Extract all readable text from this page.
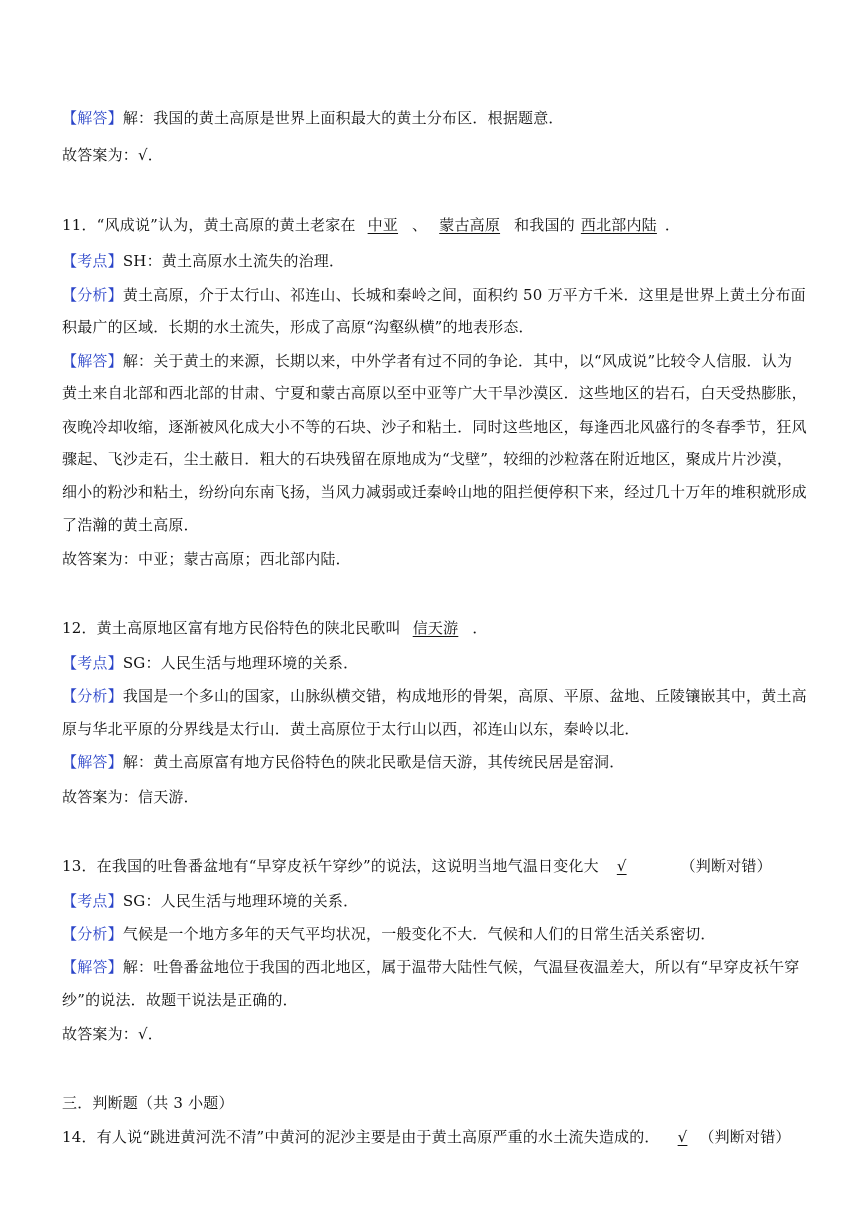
【解答】解：我国的黄土高原是世界上面积最大的黄土分布区．根据题意．
故答案为：√．
11．“风成说”认为，黄土高原的黄土老家在 中亚 、 蒙古高原 和我国的 西北部内陆 ．
【考点】SH：黄土高原水土流失的治理．
【分析】黄土高原，介于太行山、祁连山、长城和秦岭之间，面积约 50 万平方千米．这里是世界上黄土分布面
积最广的区域．长期的水土流失，形成了高原“沟壑纵横”的地表形态．
【解答】解：关于黄土的来源，长期以来，中外学者有过不同的争论．其中，以“风成说”比较令人信服．认为
黄土来自北部和西北部的甘肃、宁夏和蒙古高原以至中亚等广大干旱沙漠区．这些地区的岩石，白天受热膨胀，
夜晚冷却收缩，逐渐被风化成大小不等的石块、沙子和粘土．同时这些地区，每逢西北风盛行的冬春季节，狂风
骤起、飞沙走石，尘土蔽日．粗大的石块残留在原地成为“戈壁”，较细的沙粒落在附近地区，聚成片片沙漠，
细小的粉沙和粘土，纷纷向东南飞扬，当风力减弱或迁秦岭山地的阻拦便停积下来，经过几十万年的堆积就形成
了浩瀚的黄土高原．
故答案为：中亚；蒙古高原；西北部内陆．
12．黄土高原地区富有地方民俗特色的陕北民歌叫 信天游 ．
【考点】SG：人民生活与地理环境的关系．
【分析】我国是一个多山的国家，山脉纵横交错，构成地形的骨架，高原、平原、盆地、丘陵镶嵌其中，黄土高
原与华北平原的分界线是太行山．黄土高原位于太行山以西，祁连山以东，秦岭以北．
【解答】解：黄土高原富有地方民俗特色的陕北民歌是信天游，其传统民居是窑洞．
故答案为：信天游．
13．在我国的吐鲁番盆地有“早穿皮袄午穿纱”的说法，这说明当地气温日变化大 √	（判断对错）
【考点】SG：人民生活与地理环境的关系．
【分析】气候是一个地方多年的天气平均状况，一般变化不大．气候和人们的日常生活关系密切．
【解答】解：吐鲁番盆地位于我国的西北地区，属于温带大陆性气候，气温昼夜温差大，所以有“早穿皮袄午穿
纱”的说法．故题干说法是正确的．
故答案为：√．
三．判断题（共 3 小题）
14．有人说“跳进黄河洗不清”中黄河的泥沙主要是由于黄土高原严重的水土流失造成的． √ （判断对错）
